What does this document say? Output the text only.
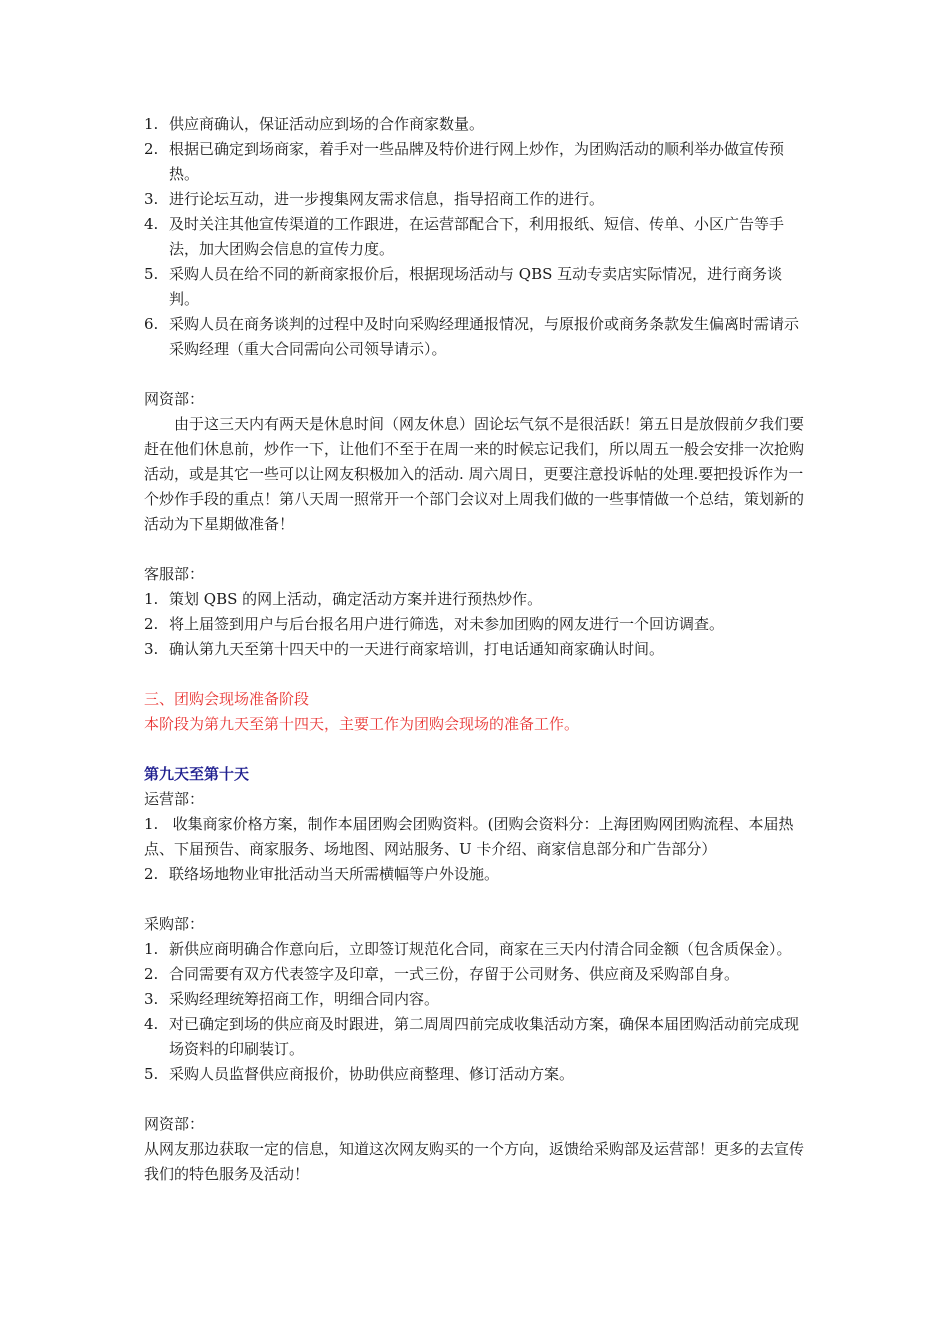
1. 供应商确认，保证活动应到场的合作商家数量。
2. 根据已确定到场商家，着手对一些品牌及特价进行网上炒作，为团购活动的顺利举办做宣传预热。
3. 进行论坛互动，进一步搜集网友需求信息，指导招商工作的进行。
4. 及时关注其他宣传渠道的工作跟进，在运营部配合下，利用报纸、短信、传单、小区广告等手法，加大团购会信息的宣传力度。
5. 采购人员在给不同的新商家报价后，根据现场活动与 QBS 互动专卖店实际情况，进行商务谈判。
6. 采购人员在商务谈判的过程中及时向采购经理通报情况，与原报价或商务条款发生偏离时需请示采购经理（重大合同需向公司领导请示）。
网资部：
由于这三天内有两天是休息时间（网友休息）固论坛气氛不是很活跃！第五日是放假前夕我们要赶在他们休息前，炒作一下，让他们不至于在周一来的时候忘记我们，所以周五一般会安排一次抢购活动，或是其它一些可以让网友积极加入的活动. 周六周日，更要注意投诉帖的处理.要把投诉作为一个炒作手段的重点！第八天周一照常开一个部门会议对上周我们做的一些事情做一个总结，策划新的活动为下星期做准备！
客服部：
1. 策划 QBS 的网上活动，确定活动方案并进行预热炒作。
2. 将上届签到用户与后台报名用户进行筛选，对未参加团购的网友进行一个回访调查。
3. 确认第九天至第十四天中的一天进行商家培训，打电话通知商家确认时间。
三、团购会现场准备阶段
本阶段为第九天至第十四天，主要工作为团购会现场的准备工作。
第九天至第十天
运营部：
1. 收集商家价格方案，制作本届团购会团购资料。(团购会资料分：上海团购网团购流程、本届热点、下届预告、商家服务、场地图、网站服务、U 卡介绍、商家信息部分和广告部分）
2. 联络场地物业审批活动当天所需横幅等户外设施。
采购部：
1. 新供应商明确合作意向后，立即签订规范化合同，商家在三天内付清合同金额（包含质保金）。
2. 合同需要有双方代表签字及印章，一式三份，存留于公司财务、供应商及采购部自身。
3. 采购经理统筹招商工作，明细合同内容。
4. 对已确定到场的供应商及时跟进，第二周周四前完成收集活动方案，确保本届团购活动前完成现场资料的印刷装订。
5. 采购人员监督供应商报价，协助供应商整理、修订活动方案。
网资部：
从网友那边获取一定的信息，知道这次网友购买的一个方向，返馈给采购部及运营部！更多的去宣传我们的特色服务及活动！
